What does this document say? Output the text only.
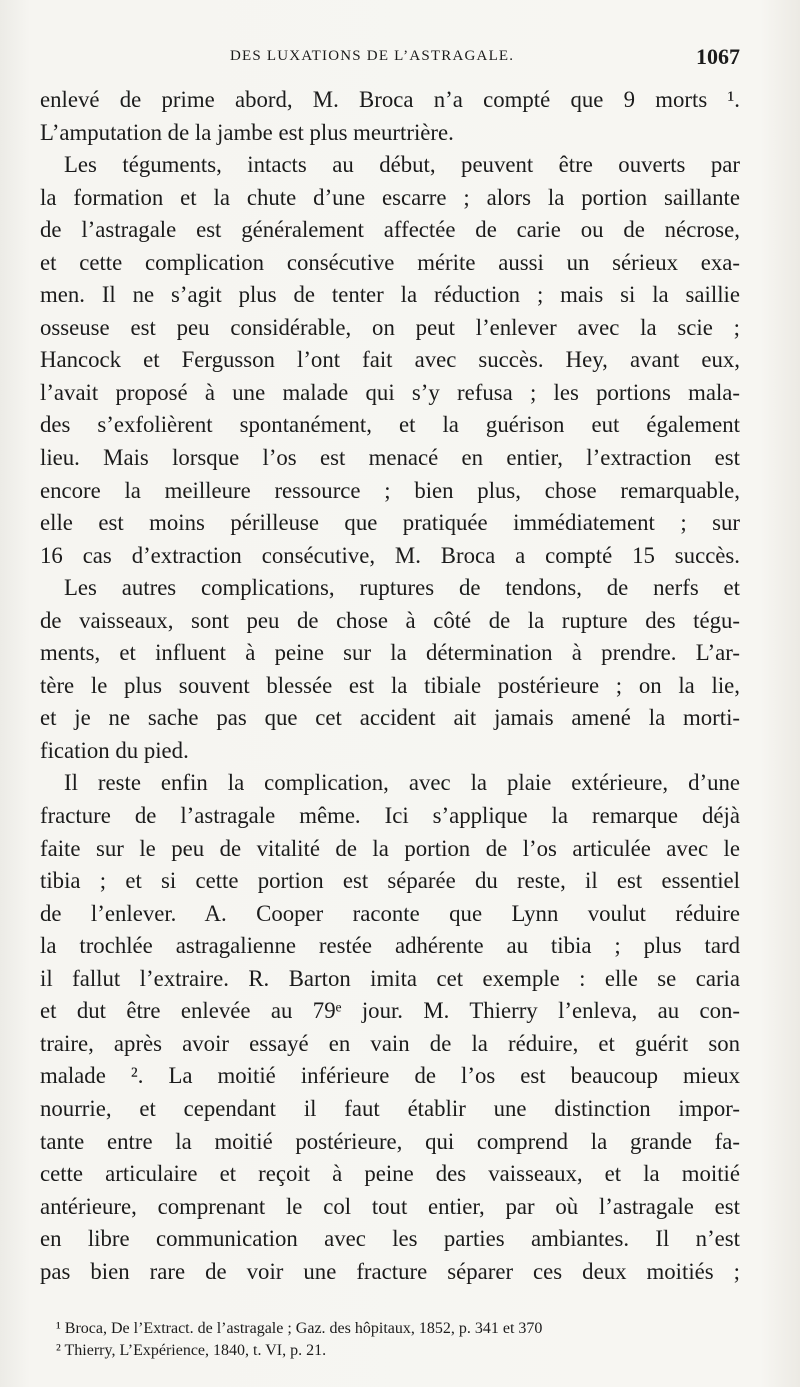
DES LUXATIONS DE L’ASTRAGALE.	1067
enlevé de prime abord, M. Broca n’a compté que 9 morts ¹.
L’amputation de la jambe est plus meurtrière.
Les téguments, intacts au début, peuvent être ouverts par
la formation et la chute d’une escarre ; alors la portion saillante
de l’astragale est généralement affectée de carie ou de nécrose,
et cette complication consécutive mérite aussi un sérieux exa-
men. Il ne s’agit plus de tenter la réduction ; mais si la saillie
osseuse est peu considérable, on peut l’enlever avec la scie ;
Hancock et Fergusson l’ont fait avec succès. Hey, avant eux,
l’avait proposé à une malade qui s’y refusa ; les portions mala-
des s’exfolièrent spontanément, et la guérison eut également
lieu. Mais lorsque l’os est menacé en entier, l’extraction est
encore la meilleure ressource ; bien plus, chose remarquable,
elle est moins périlleuse que pratiquée immédiatement ; sur
16 cas d’extraction consécutive, M. Broca a compté 15 succès.
Les autres complications, ruptures de tendons, de nerfs et
de vaisseaux, sont peu de chose à côté de la rupture des tégu-
ments, et influent à peine sur la détermination à prendre. L’ar-
tère le plus souvent blessée est la tibiale postérieure ; on la lie,
et je ne sache pas que cet accident ait jamais amené la morti-
fication du pied.
Il reste enfin la complication, avec la plaie extérieure, d’une
fracture de l’astragale même. Ici s’applique la remarque déjà
faite sur le peu de vitalité de la portion de l’os articulée avec le
tibia ; et si cette portion est séparée du reste, il est essentiel
de l’enlever. A. Cooper raconte que Lynn voulut réduire
la trochlée astragalienne restée adhérente au tibia ; plus tard
il fallut l’extraire. R. Barton imita cet exemple : elle se caria
et dut être enlevée au 79ᵉ jour. M. Thierry l’enleva, au con-
traire, après avoir essayé en vain de la réduire, et guérit son
malade ². La moitié inférieure de l’os est beaucoup mieux
nourrie, et cependant il faut établir une distinction impor-
tante entre la moitié postérieure, qui comprend la grande fa-
cette articulaire et reçoit à peine des vaisseaux, et la moitié
antérieure, comprenant le col tout entier, par où l’astragale est
en libre communication avec les parties ambiantes. Il n’est
pas bien rare de voir une fracture séparer ces deux moitiés ;
¹ Broca, De l’Extract. de l’astragale ; Gaz. des hôpitaux, 1852, p. 341 et 370
² Thierry, L’Expérience, 1840, t. VI, p. 21.
